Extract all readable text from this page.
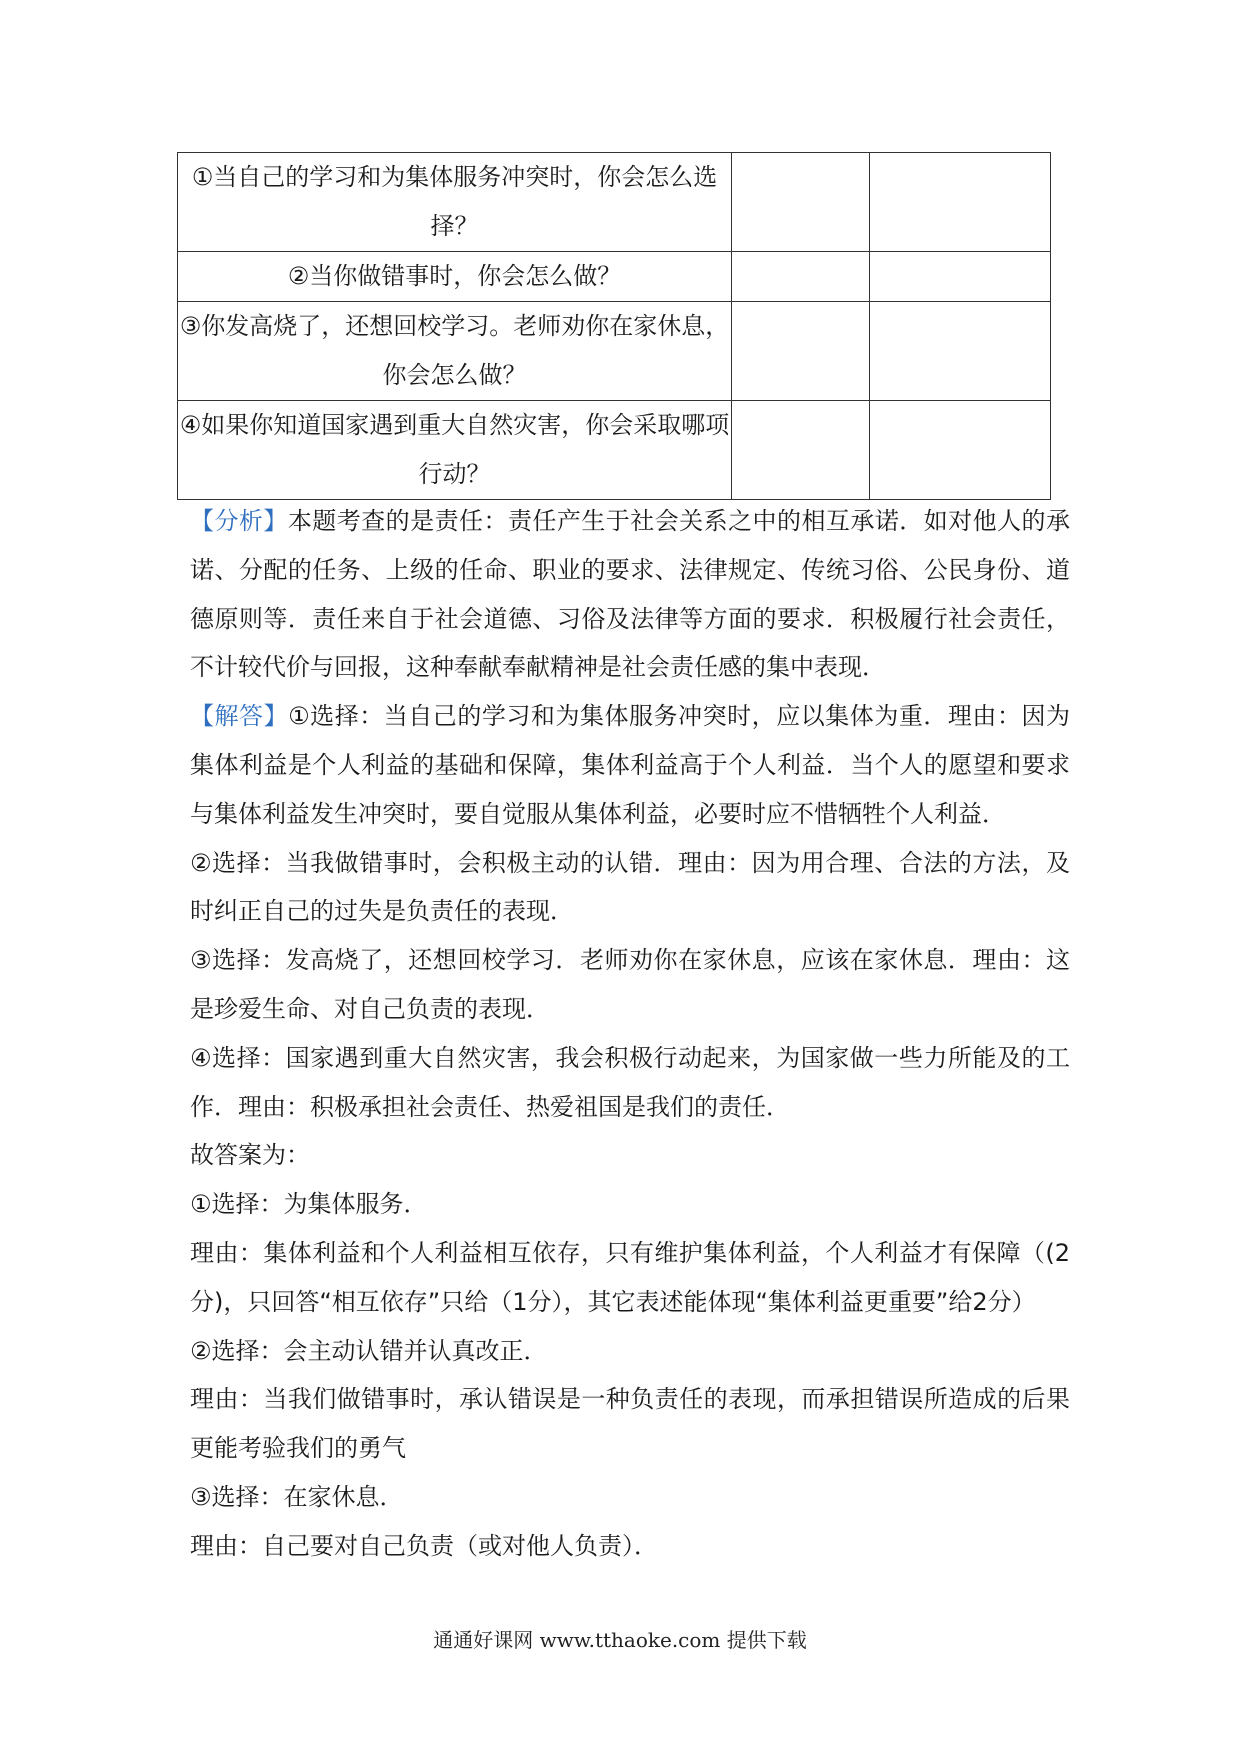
①当自己的学习和为集体服务冲突时，你会怎么选择？		

②当你做错事时，你会怎么做？		

③你发高烧了，还想回校学习。老师劝你在家休息，你会怎么做？		

④如果你知道国家遇到重大自然灾害，你会采取哪项行动？		

【分析】本题考查的是责任：责任产生于社会关系之中的相互承诺．如对他人的承诺、分配的任务、上级的任命、职业的要求、法律规定、传统习俗、公民身份、道德原则等．责任来自于社会道德、习俗及法律等方面的要求．积极履行社会责任，不计较代价与回报，这种奉献奉献精神是社会责任感的集中表现．

【解答】①选择：当自己的学习和为集体服务冲突时，应以集体为重．理由：因为集体利益是个人利益的基础和保障，集体利益高于个人利益．当个人的愿望和要求与集体利益发生冲突时，要自觉服从集体利益，必要时应不惜牺牲个人利益．

②选择：当我做错事时，会积极主动的认错．理由：因为用合理、合法的方法，及时纠正自己的过失是负责任的表现．

③选择：发高烧了，还想回校学习．老师劝你在家休息，应该在家休息．理由：这是珍爱生命、对自己负责的表现．

④选择：国家遇到重大自然灾害，我会积极行动起来，为国家做一些力所能及的工作．理由：积极承担社会责任、热爱祖国是我们的责任．

故答案为：

①选择：为集体服务．

理由：集体利益和个人利益相互依存，只有维护集体利益，个人利益才有保障（(2分)，只回答“相互依存”只给（1分），其它表述能体现“集体利益更重要”给2分）

②选择：会主动认错并认真改正．

理由：当我们做错事时，承认错误是一种负责任的表现，而承担错误所造成的后果更能考验我们的勇气

③选择：在家休息．

理由：自己要对自己负责（或对他人负责）．

通通好课网 www.tthaoke.com 提供下载
